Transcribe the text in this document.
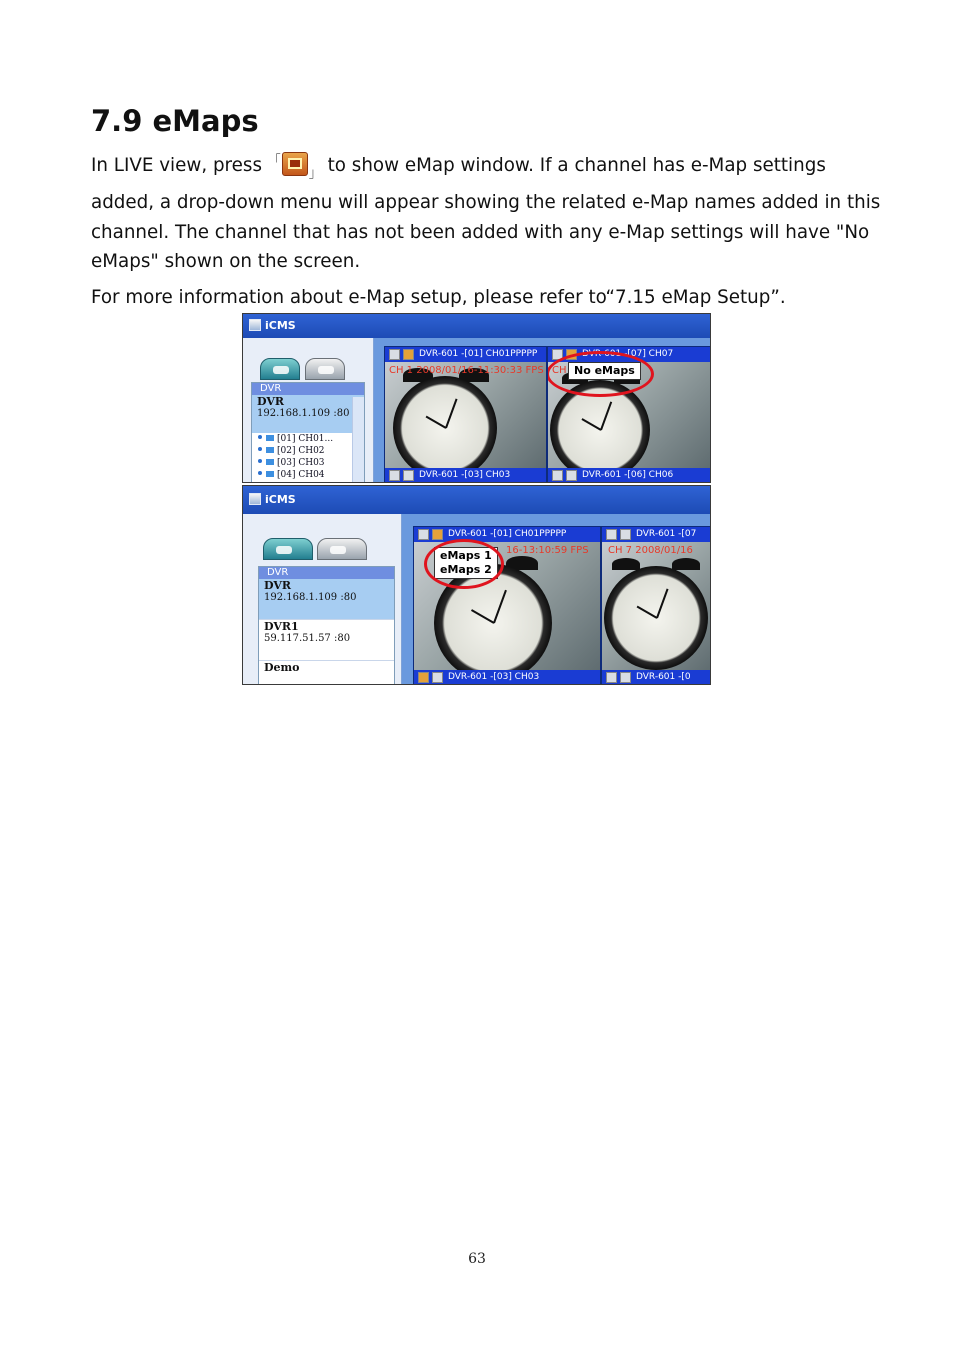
7.9 eMaps

In LIVE view, press 「$_」$ to show eMap window. If a channel has e-Map settings added, a drop-down menu will appear showing the related e-Map names added in this channel. The channel that has not been added with any e-Map settings will have "No eMaps" shown on the screen.

For more information about e-Map setup, please refer to“7.15 eMap Setup”.

iCMS
DVR
DVR
192.168.1.109 :80
[01] CH01...
[02] CH02
[03] CH03
[04] CH04
DVR-601 -[01] CH01PPPPP
CH 1 2008/01/16-11:30:33 FPS
DVR-601 -[03] CH03
DVR-601 -[07] CH07
CH No eMaps
DVR-601 -[06] CH06
iCMS
DVR
DVR
192.168.1.109 :80
DVR1
59.117.51.57 :80
Demo
DVR-601 -[01] CH01PPPPP
16-13:10:59 FPS
eMaps 1
eMaps 2
DVR-601 -[03] CH03
DVR-601 -[07
CH 7 2008/01/16
DVR-601 -[0
63
